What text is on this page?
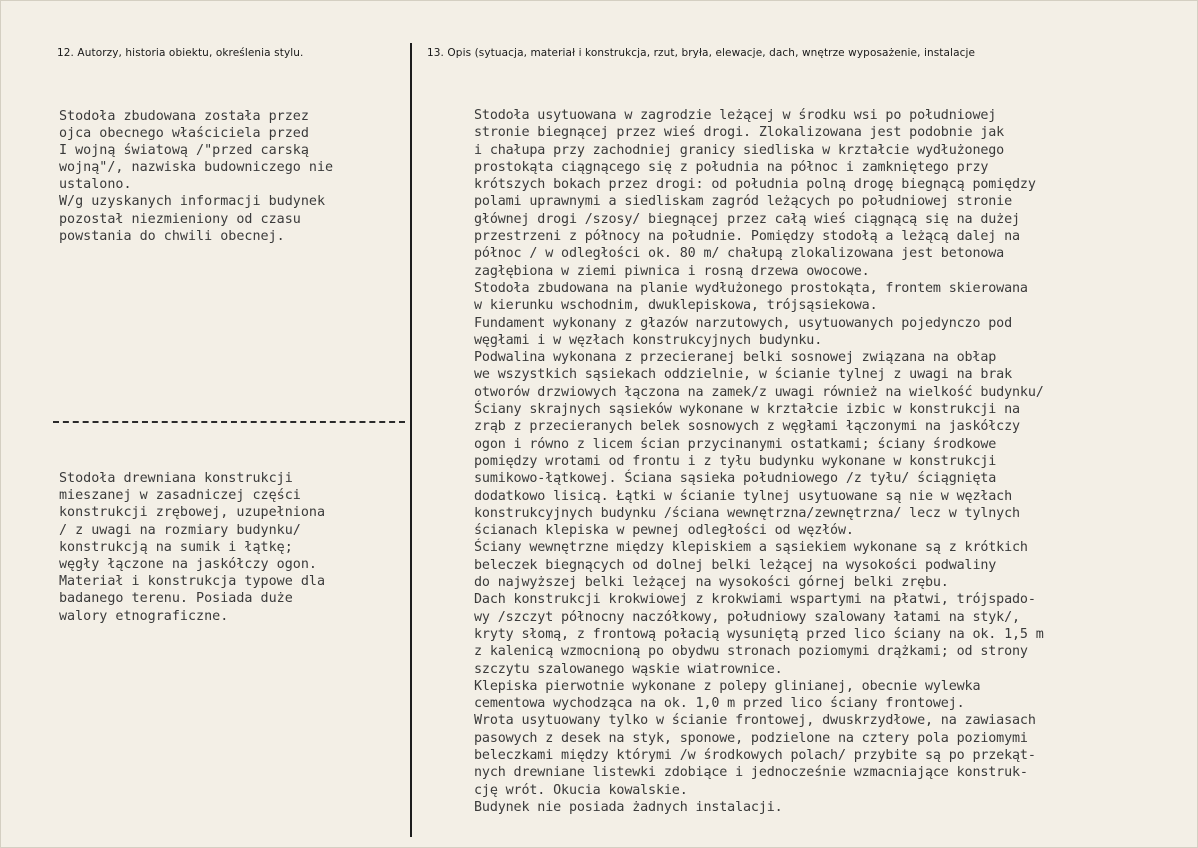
12. Autorzy, historia obiektu, określenia stylu.	13. Opis (sytuacja, materiał i konstrukcja, rzut, bryła, elewacje, dach, wnętrze wyposażenie, instalacje
Stodoła zbudowana została przez
ojca obecnego właściciela przed
I wojną światową /"przed carską
wojną"/, nazwiska budowniczego nie
ustalono.
W/g uzyskanych informacji budynek
pozostał niezmieniony od czasu
powstania do chwili obecnej.
Stodoła drewniana konstrukcji
mieszanej w zasadniczej części
konstrukcji zrębowej, uzupełniona
/ z uwagi na rozmiary budynku/
konstrukcją na sumik i łątkę;
węgły łączone na jaskółczy ogon.
Materiał i konstrukcja typowe dla
badanego terenu. Posiada duże
walory etnograficzne.
Stodoła usytuowana w zagrodzie leżącej w środku wsi po południowej
stronie biegnącej przez wieś drogi. Zlokalizowana jest podobnie jak
i chałupa przy zachodniej granicy siedliska w krztałcie wydłużonego
prostokąta ciągnącego się z południa na północ i zamkniętego przy
krótszych bokach przez drogi: od południa polną drogę biegnącą pomiędzy
polami uprawnymi a siedliskam zagród leżących po południowej stronie
głównej drogi /szosy/ biegnącej przez całą wieś ciągnącą się na dużej
przestrzeni z północy na południe. Pomiędzy stodołą a leżącą dalej na
północ / w odległości ok. 80 m/ chałupą zlokalizowana jest betonowa
zagłębiona w ziemi piwnica i rosną drzewa owocowe.
Stodoła zbudowana na planie wydłużonego prostokąta, frontem skierowana
w kierunku wschodnim, dwuklepiskowa, trójsąsiekowa.
Fundament wykonany z głazów narzutowych, usytuowanych pojedynczo pod
węgłami i w węzłach konstrukcyjnych budynku.
Podwalina wykonana z przecieranej belki sosnowej związana na obłap
we wszystkich sąsiekach oddzielnie, w ścianie tylnej z uwagi na brak
otworów drzwiowych łączona na zamek/z uwagi również na wielkość budynku/
Ściany skrajnych sąsieków wykonane w krztałcie izbic w konstrukcji na
zrąb z przecieranych belek sosnowych z węgłami łączonymi na jaskółczy
ogon i równo z licem ścian przycinanymi ostatkami; ściany środkowe
pomiędzy wrotami od frontu i z tyłu budynku wykonane w konstrukcji
sumikowo-łątkowej. Ściana sąsieka południowego /z tyłu/ ściągnięta
dodatkowo lisicą. Łątki w ścianie tylnej usytuowane są nie w węzłach
konstrukcyjnych budynku /ściana wewnętrzna/zewnętrzna/ lecz w tylnych
ścianach klepiska w pewnej odległości od węzłów.
Ściany wewnętrzne między klepiskiem a sąsiekiem wykonane są z krótkich
beleczek biegnących od dolnej belki leżącej na wysokości podwaliny
do najwyższej belki leżącej na wysokości górnej belki zrębu.
Dach konstrukcji krokwiowej z krokwiami wspartymi na płatwi, trójspado-
wy /szczyt północny naczółkowy, południowy szalowany łatami na styk/,
kryty słomą, z frontową połacią wysuniętą przed lico ściany na ok. 1,5 m
z kalenicą wzmocnioną po obydwu stronach poziomymi drążkami; od strony
szczytu szalowanego wąskie wiatrownice.
Klepiska pierwotnie wykonane z polepy glinianej, obecnie wylewka
cementowa wychodząca na ok. 1,0 m przed lico ściany frontowej.
Wrota usytuowany tylko w ścianie frontowej, dwuskrzydłowe, na zawiasach
pasowych z desek na styk, sponowe, podzielone na cztery pola poziomymi
beleczkami między którymi /w środkowych polach/ przybite są po przekąt-
nych drewniane listewki zdobiące i jednocześnie wzmacniające konstruk-
cję wrót. Okucia kowalskie.
Budynek nie posiada żadnych instalacji.
